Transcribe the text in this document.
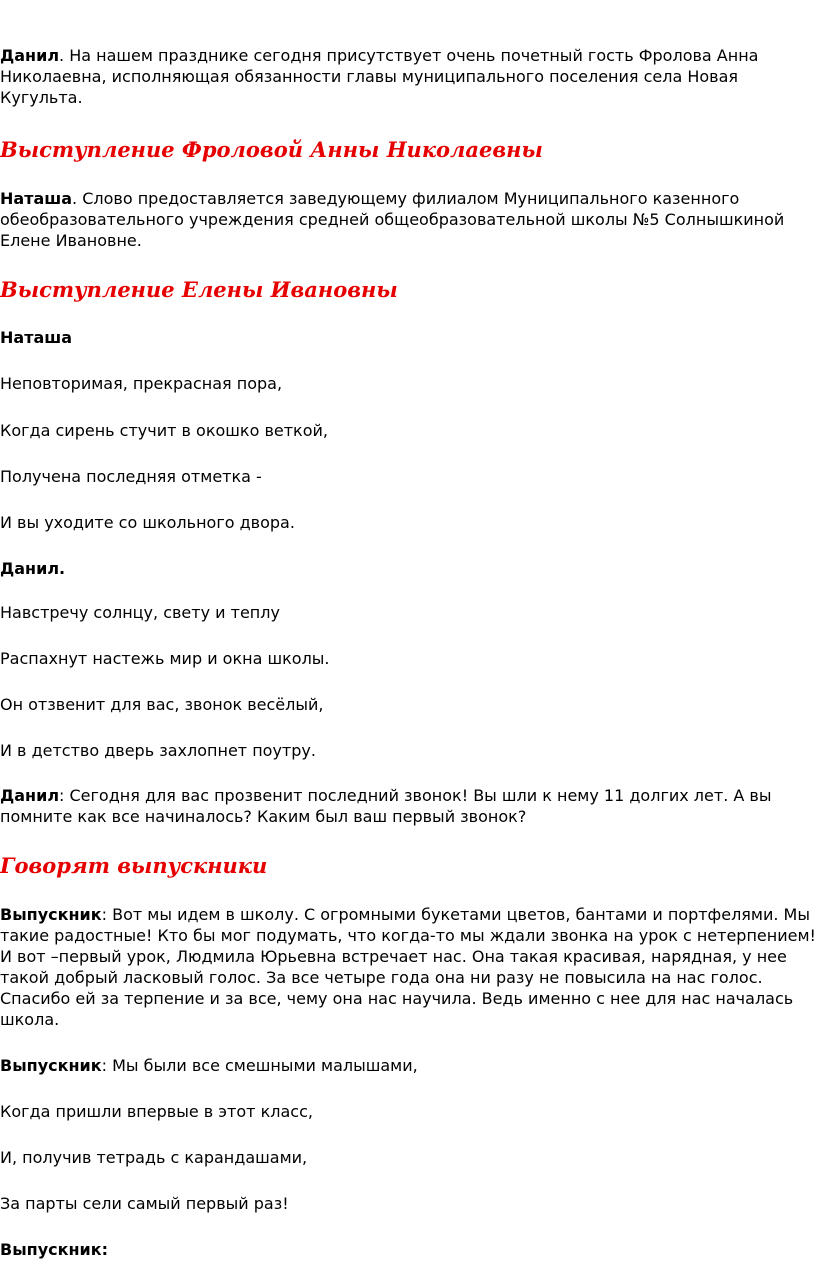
Данил. На нашем празднике сегодня присутствует очень почетный гость Фролова Анна Николаевна, исполняющая обязанности главы муниципального поселения села Новая Кугульта.

Выступление Фроловой Анны Николаевны

Наташа. Слово предоставляется заведующему филиалом Муниципального казенного обеобразовательного учреждения средней общеобразовательной школы №5 Солнышкиной Елене Ивановне.

Выступление Елены Ивановны

Наташа

Неповторимая, прекрасная пора,

Когда сирень стучит в окошко веткой,

Получена последняя отметка -

И вы уходите со школьного двора.

Данил.

Навстречу солнцу, свету и теплу

Распахнут настежь мир и окна школы.

Он отзвенит для вас, звонок весёлый,

И в детство дверь захлопнет поутру.

Данил: Сегодня для вас прозвенит последний звонок! Вы шли к нему 11 долгих лет. А вы помните как все начиналось? Каким был ваш первый звонок?

Говорят выпускники

Выпускник: Вот мы идем в школу. С огромными букетами цветов, бантами и портфелями. Мы такие радостные! Кто бы мог подумать, что когда-то мы ждали звонка на урок с нетерпением! И вот –первый урок, Людмила Юрьевна встречает нас. Она такая красивая, нарядная, у нее такой добрый ласковый голос. За все четыре года она ни разу не повысила на нас голос. Спасибо ей за терпение и за все, чему она нас научила. Ведь именно с нее для нас началась школа.

Выпускник: Мы были все смешными малышами,

Когда пришли впервые в этот класс,

И, получив тетрадь с карандашами,

За парты сели самый первый раз!

Выпускник:
